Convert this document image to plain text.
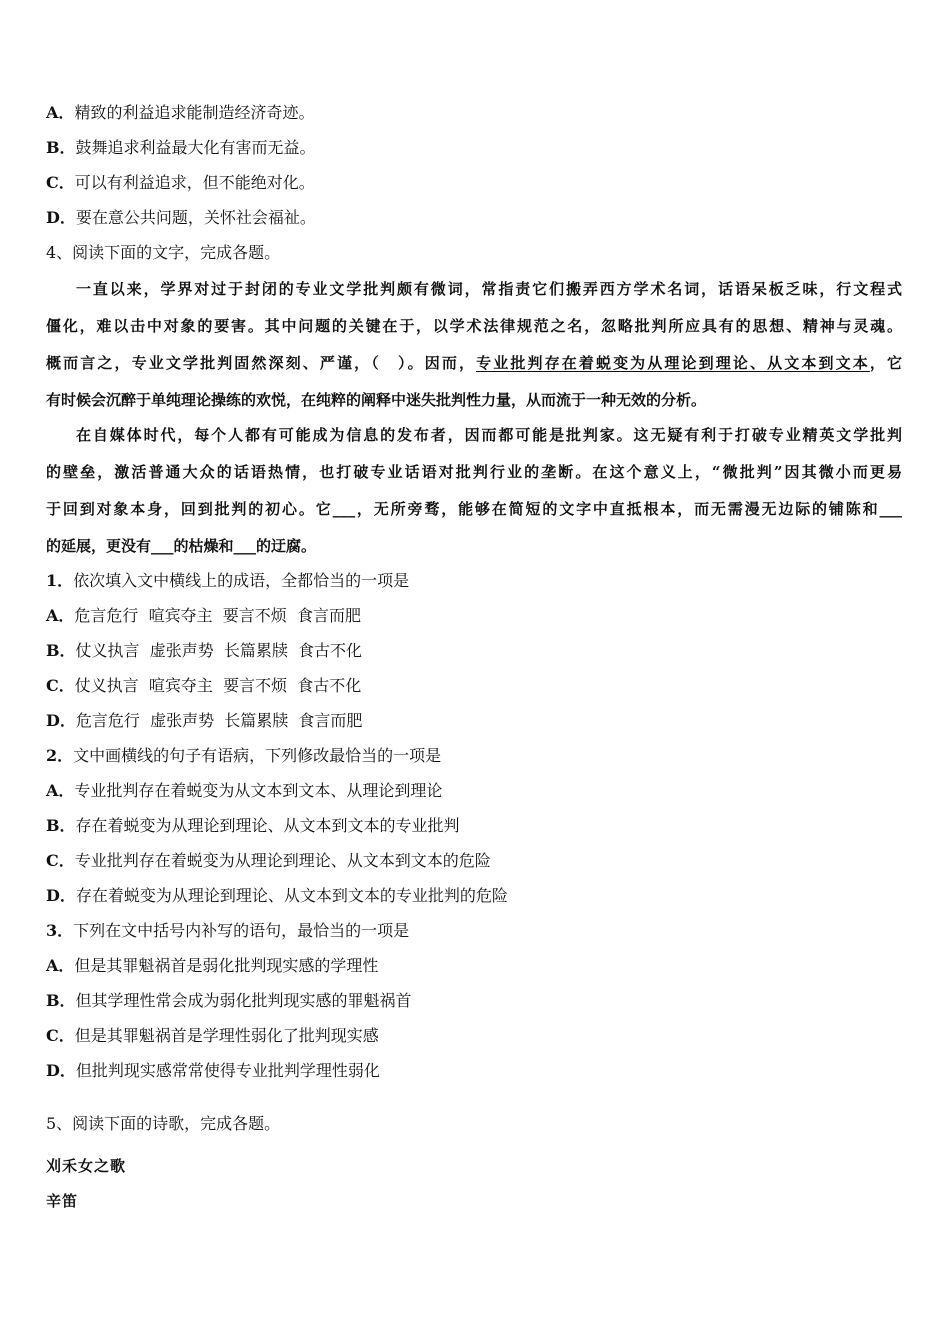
A．精致的利益追求能制造经济奇迹。
B．鼓舞追求利益最大化有害而无益。
C．可以有利益追求，但不能绝对化。
D．要在意公共问题，关怀社会福祉。
4、阅读下面的文字，完成各题。
一直以来，学界对过于封闭的专业文学批判颇有微词，常指责它们搬弄西方学术名词，话语呆板乏味，行文程式
僵化，难以击中对象的要害。其中问题的关键在于，以学术法律规范之名，忽略批判所应具有的思想、精神与灵魂。
概而言之，专业文学批判固然深刻、严谨，（　）。因而，专业批判存在着蜕变为从理论到理论、从文本到文本，它
有时候会沉醉于单纯理论操练的欢悦，在纯粹的阐释中迷失批判性力量，从而流于一种无效的分析。
在自媒体时代，每个人都有可能成为信息的发布者，因而都可能是批判家。这无疑有利于打破专业精英文学批判
的壁垒，激活普通大众的话语热情，也打破专业话语对批判行业的垄断。在这个意义上，“微批判”因其微小而更易
于回到对象本身，回到批判的初心。它___，无所旁骛，能够在简短的文字中直抵根本，而无需漫无边际的铺陈和___
的延展，更没有___的枯燥和___的迂腐。
1．依次填入文中横线上的成语，全都恰当的一项是
A．危言危行  喧宾夺主  要言不烦  食言而肥
B．仗义执言  虚张声势  长篇累牍  食古不化
C．仗义执言  喧宾夺主  要言不烦  食古不化
D．危言危行  虚张声势  长篇累牍  食言而肥
2．文中画横线的句子有语病，下列修改最恰当的一项是
A．专业批判存在着蜕变为从文本到文本、从理论到理论
B．存在着蜕变为从理论到理论、从文本到文本的专业批判
C．专业批判存在着蜕变为从理论到理论、从文本到文本的危险
D．存在着蜕变为从理论到理论、从文本到文本的专业批判的危险
3．下列在文中括号内补写的语句，最恰当的一项是
A．但是其罪魁祸首是弱化批判现实感的学理性
B．但其学理性常会成为弱化批判现实感的罪魁祸首
C．但是其罪魁祸首是学理性弱化了批判现实感
D．但批判现实感常常使得专业批判学理性弱化
5、阅读下面的诗歌，完成各题。
刈禾女之歌
辛笛
